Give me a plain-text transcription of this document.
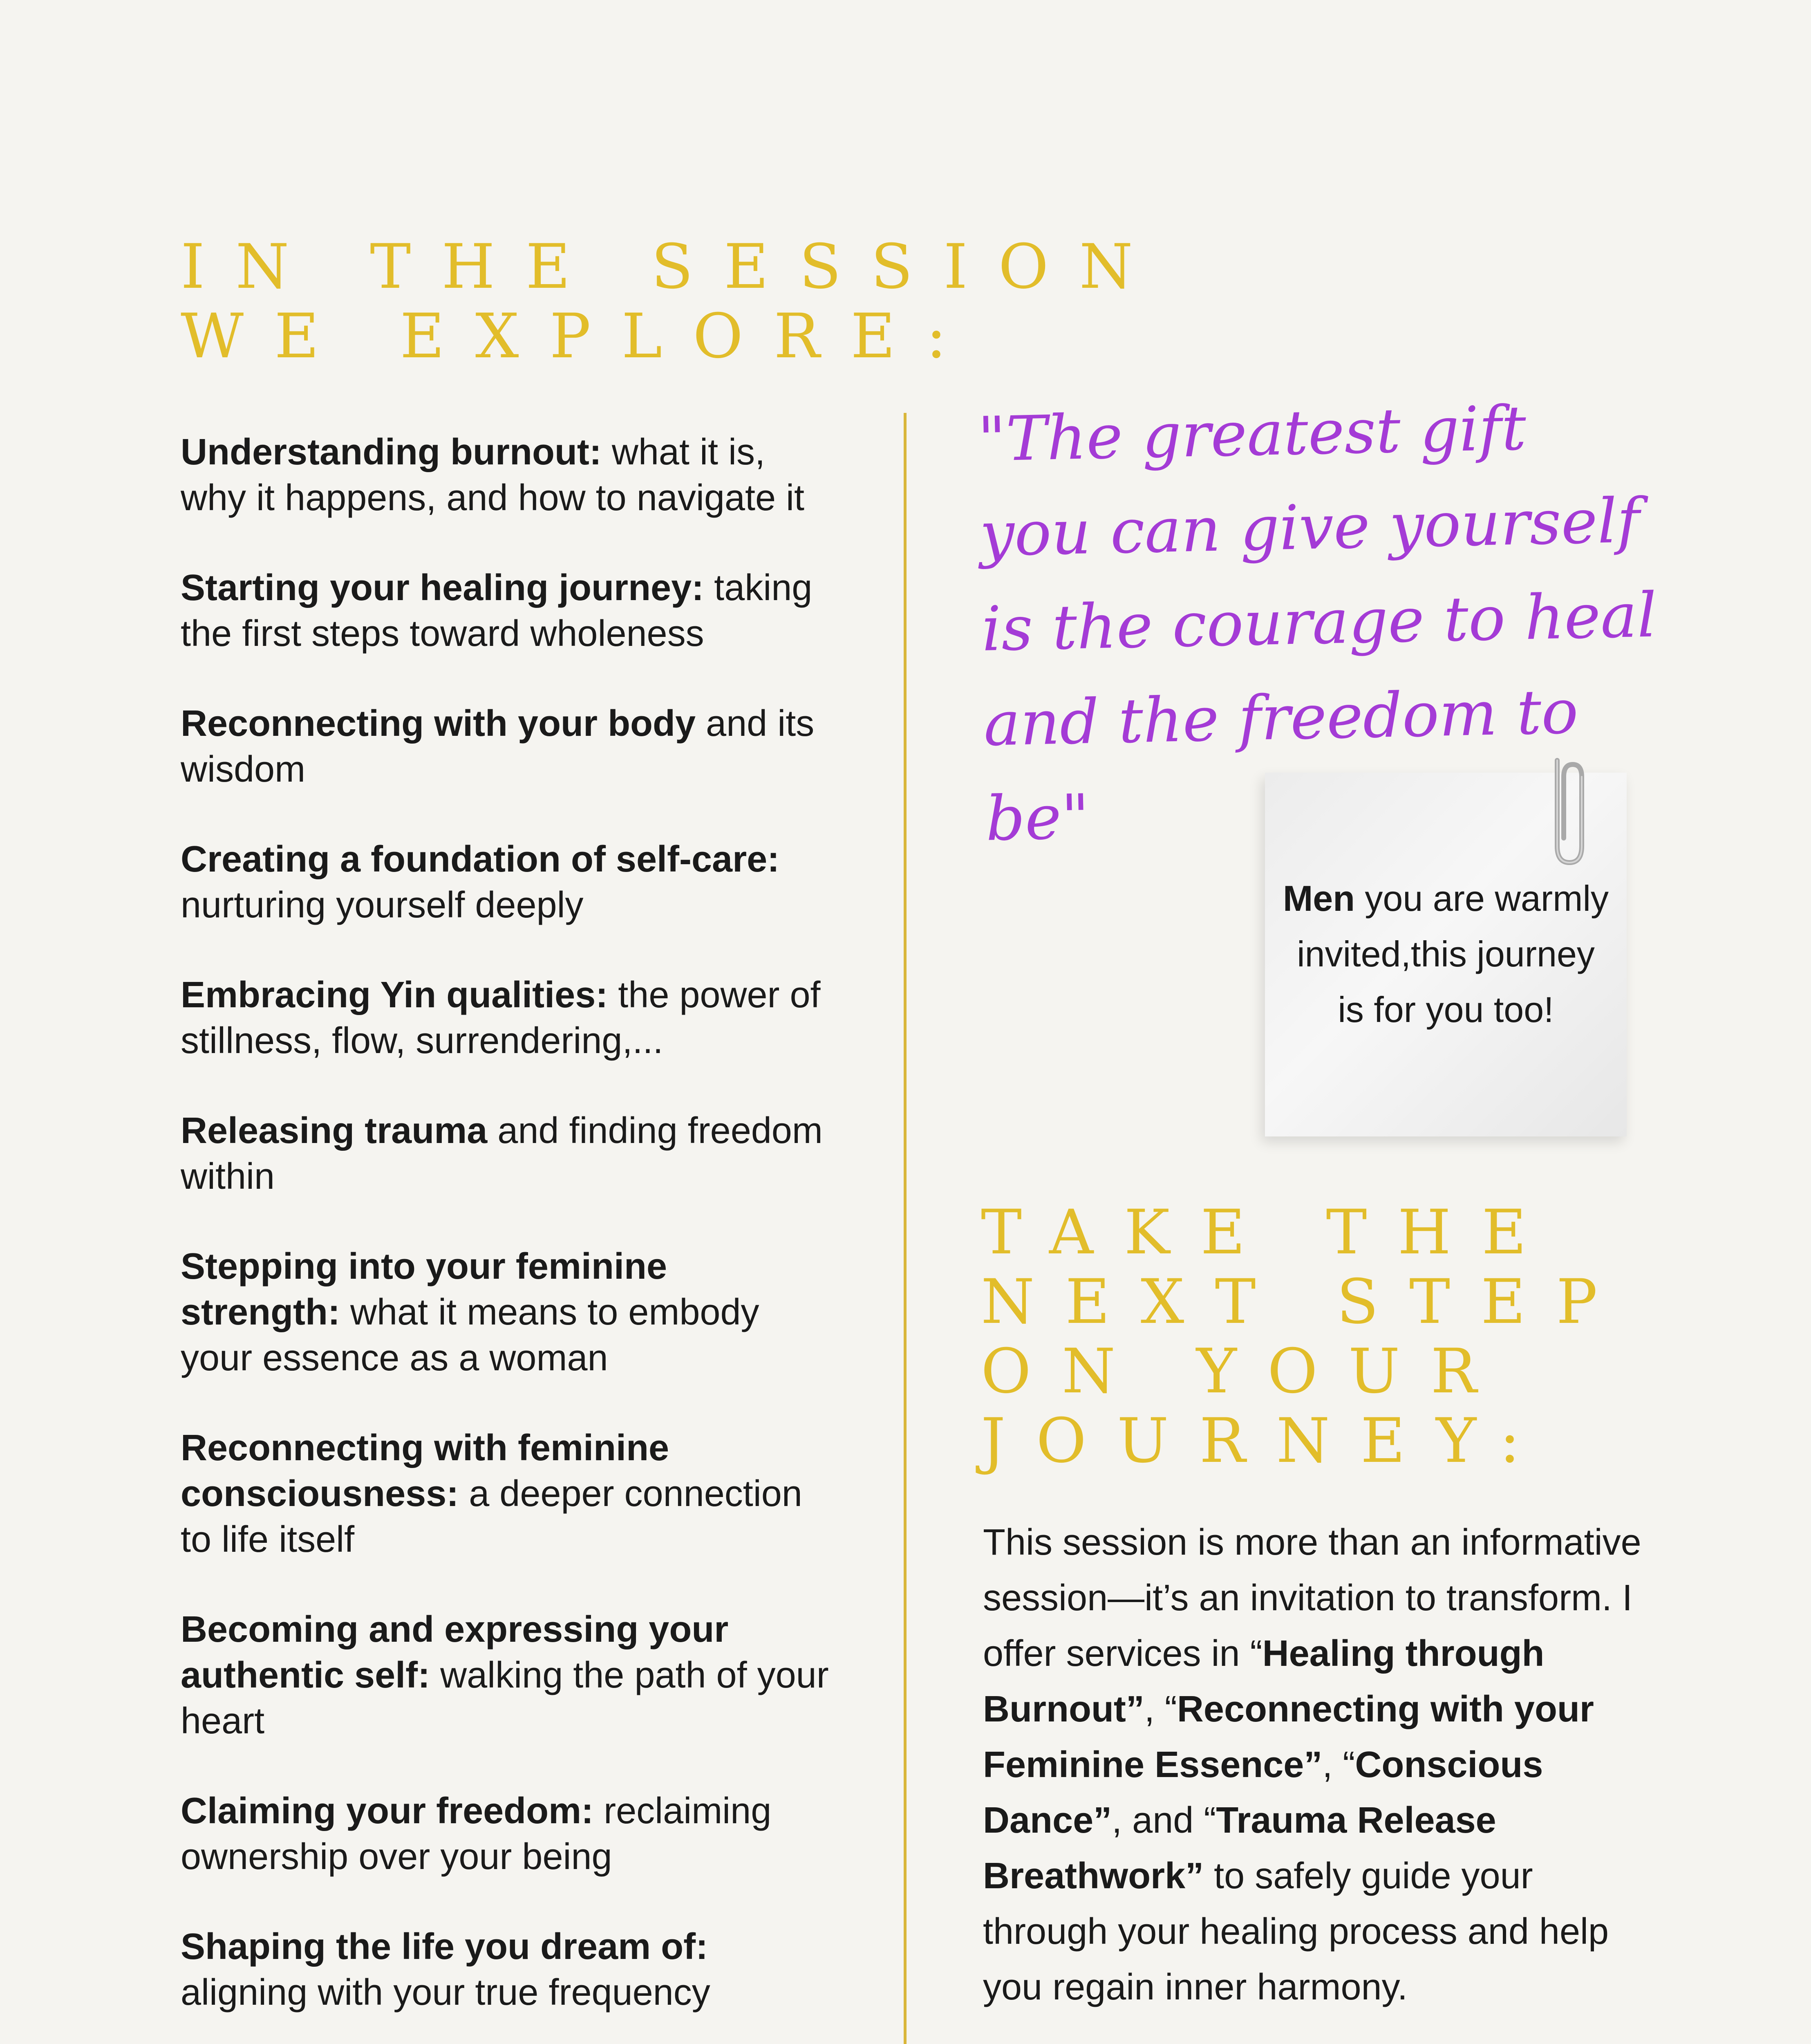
IN THE SESSION
WE EXPLORE:
Understanding burnout: what it is, why it happens, and how to navigate it
Starting your healing journey: taking the first steps toward wholeness
Reconnecting with your body and its wisdom
Creating a foundation of self-care: nurturing yourself deeply
Embracing Yin qualities: the power of stillness, flow, surrendering,...
Releasing trauma and finding freedom within
Stepping into your feminine strength: what it means to embody your essence as a woman
Reconnecting with feminine consciousness: a deeper connection to life itself
Becoming and expressing your authentic self: walking the path of your heart
Claiming your freedom: reclaiming ownership over your being
Shaping the life you dream of: aligning with your true frequency
"The greatest gift you can give yourself is the courage to heal and the freedom to be"
Men you are warmly invited,this journey is for you too!
TAKE THE
NEXT STEP
ON YOUR
JOURNEY:

This session is more than an informative session—it’s an invitation to transform. I offer services in “Healing through Burnout”, “Reconnecting with your Feminine Essence”, “Conscious Dance”, and “Trauma Release Breathwork” to safely guide your through your healing process and help you regain inner harmony.
